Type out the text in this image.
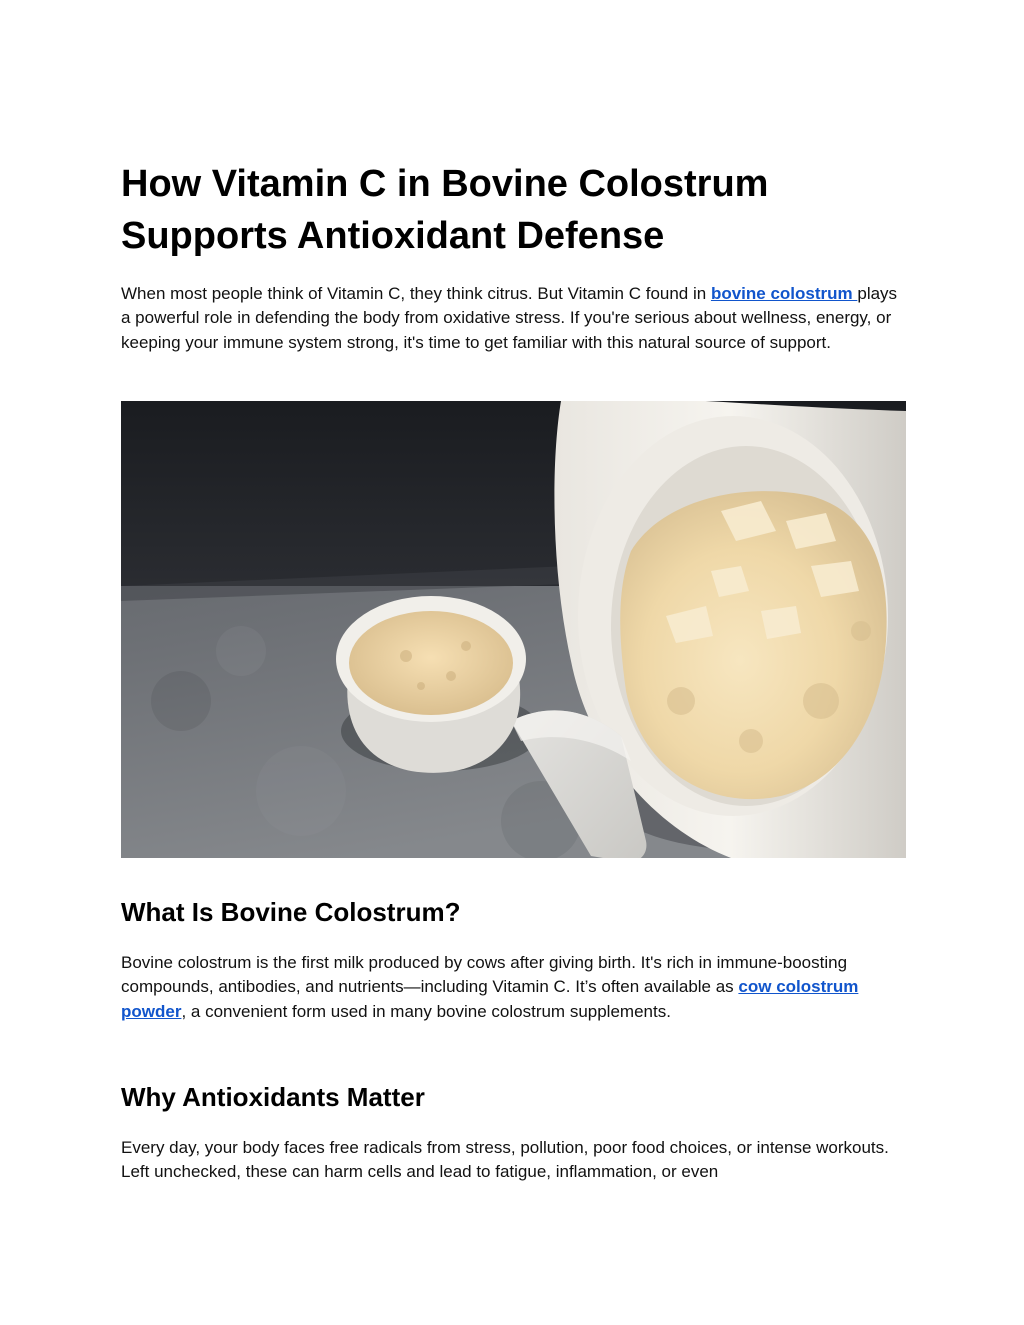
How Vitamin C in Bovine Colostrum Supports Antioxidant Defense

When most people think of Vitamin C, they think citrus. But Vitamin C found in bovine colostrum plays a powerful role in defending the body from oxidative stress. If you're serious about wellness, energy, or keeping your immune system strong, it's time to get familiar with this natural source of support.

What Is Bovine Colostrum?

Bovine colostrum is the first milk produced by cows after giving birth. It's rich in immune-boosting compounds, antibodies, and nutrients—including Vitamin C. It’s often available as cow colostrum powder, a convenient form used in many bovine colostrum supplements.

Why Antioxidants Matter

Every day, your body faces free radicals from stress, pollution, poor food choices, or intense workouts. Left unchecked, these can harm cells and lead to fatigue, inflammation, or even
